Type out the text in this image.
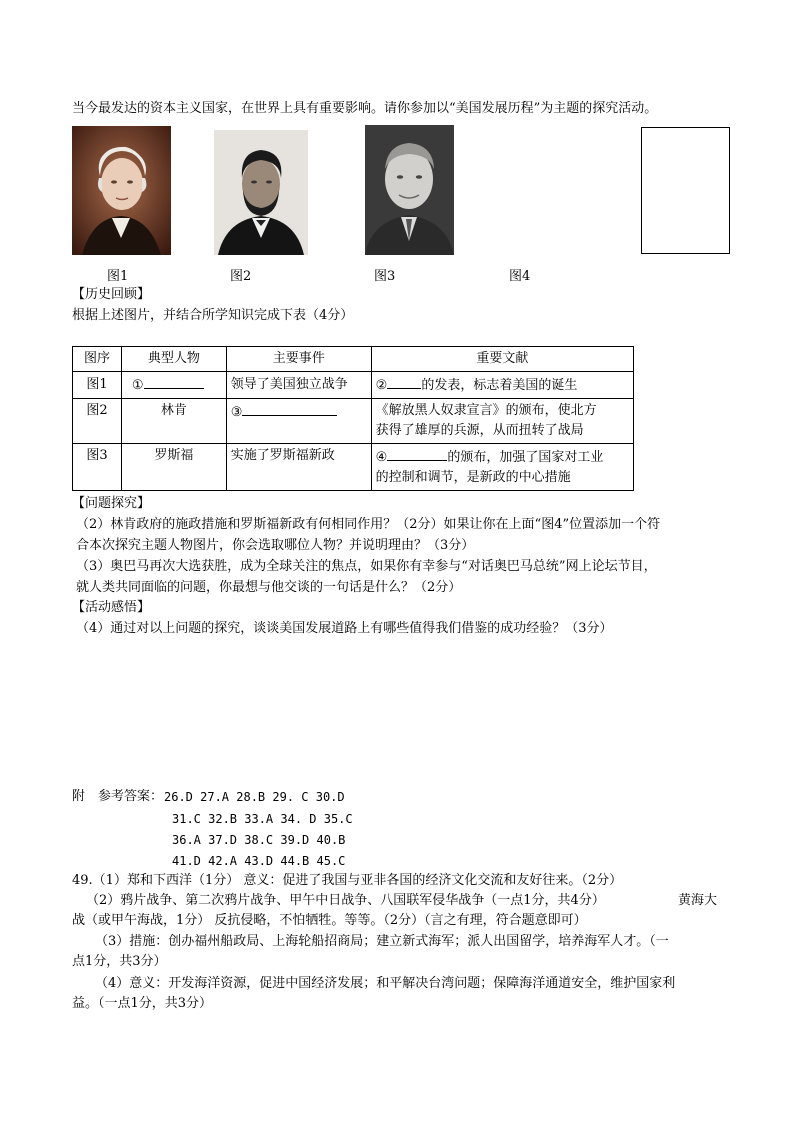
当今最发达的资本主义国家，在世界上具有重要影响。请你参加以“美国发展历程”为主题的探究活动。
图1	图2	图3	图4
【历史回顾】
根据上述图片，并结合所学知识完成下表（4分）
图序	典型人物	主要事件	重要文献
图1	①	领导了美国独立战争	② 的发表，标志着美国的诞生
图2	林肯	③	《解放黑人奴隶宣言》的颁布，使北方
获得了雄厚的兵源，从而扭转了战局

图3	罗斯福	实施了罗斯福新政	④ 的颁布，加强了国家对工业
的控制和调节，是新政的中心措施
【问题探究】
（2）林肯政府的施政措施和罗斯福新政有何相同作用？（2分）如果让你在上面“图4”位置添加一个符
合本次探究主题人物图片，你会选取哪位人物？并说明理由？（3分）
（3）奥巴马再次大选获胜，成为全球关注的焦点，如果你有幸参与“对话奥巴马总统”网上论坛节目，
就人类共同面临的问题，你最想与他交谈的一句话是什么？（2分）
【活动感悟】
（4）通过对以上问题的探究，谈谈美国发展道路上有哪些值得我们借鉴的成功经验？（3分）
附　参考答案： 26.D 27.A 28.B 29. C 30.D
31.C 32.B 33.A 34. D 35.C
36.A 37.D 38.C 39.D 40.B
41.D 42.A 43.D 44.B 45.C
49.（1）郑和下西洋（1分） 意义：促进了我国与亚非各国的经济文化交流和友好往来。（2分）
（2）鸦片战争、第二次鸦片战争、甲午中日战争、八国联军侵华战争（一点1分，共4分）	黄海大
战（或甲午海战，1分） 反抗侵略，不怕牺牲。等等。（2分）（言之有理，符合题意即可）
（3）措施：创办福州船政局、上海轮船招商局；建立新式海军；派人出国留学，培养海军人才。（一
点1分，共3分）
（4）意义：开发海洋资源，促进中国经济发展；和平解决台湾问题；保障海洋通道安全，维护国家利
益。（一点1分，共3分）
